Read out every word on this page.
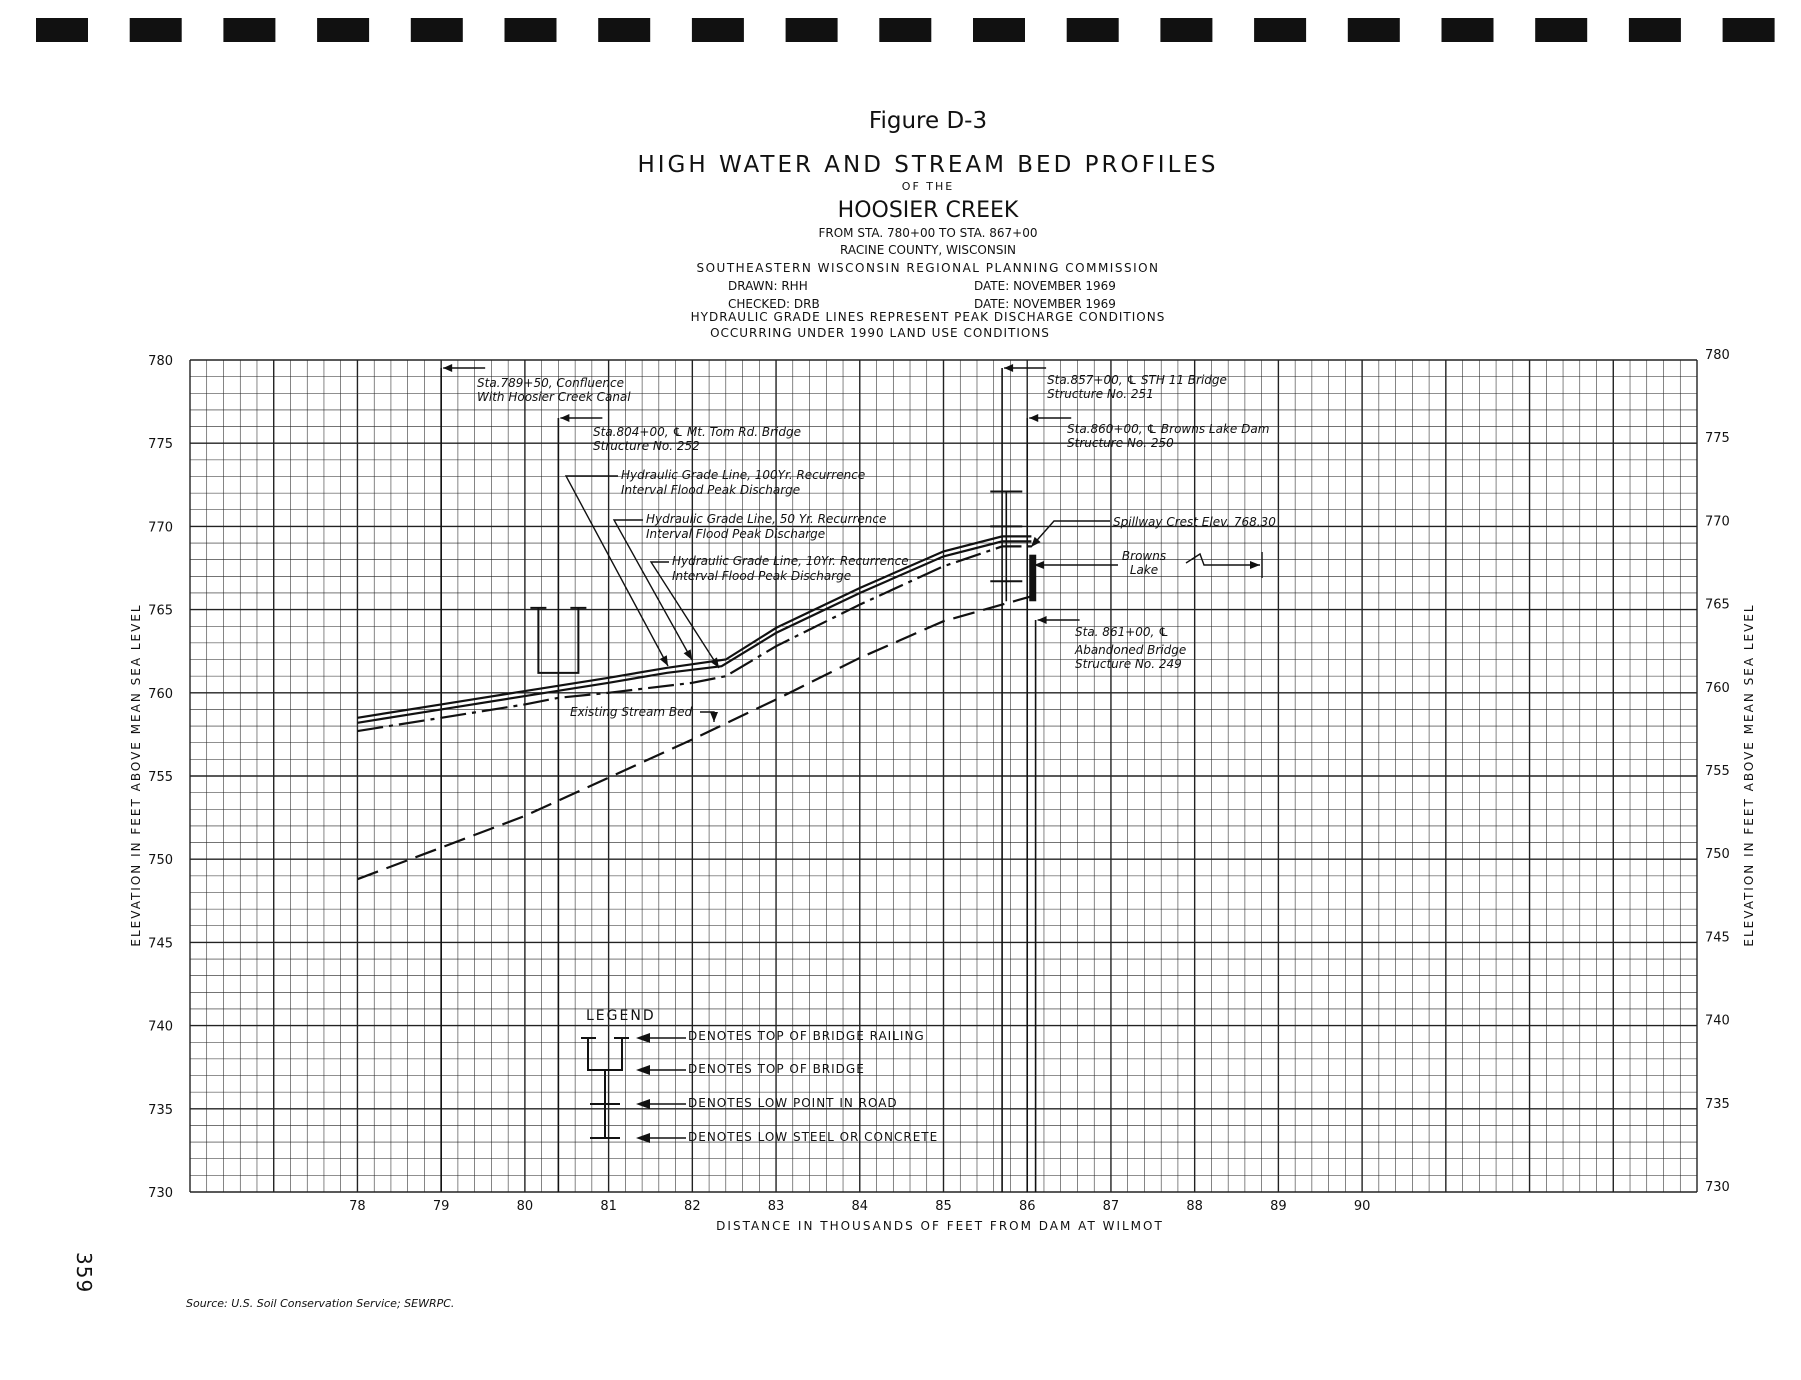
Figure D-3
HIGH WATER AND STREAM BED PROFILES
OF THE
HOOSIER CREEK
FROM STA. 780+00 TO STA. 867+00
RACINE COUNTY, WISCONSIN
SOUTHEASTERN WISCONSIN REGIONAL PLANNING COMMISSION
DRAWN: RHH	DATE: NOVEMBER 1969
CHECKED: DRB	DATE: NOVEMBER 1969
HYDRAULIC GRADE LINES REPRESENT PEAK DISCHARGE CONDITIONS
OCCURRING UNDER 1990 LAND USE CONDITIONS
78	79	80	81	82	83	84	85	86	87	88	89	90
730
735
740
745
750
755
760
765
770
775
780
730
735
740
745
750
755
760
765
770
775
780
DISTANCE IN THOUSANDS OF FEET FROM DAM AT WILMOT
ELEVATION IN FEET ABOVE MEAN SEA LEVEL	ELEVATION IN FEET ABOVE MEAN SEA LEVEL
Sta.789+50, Confluence
With Hoosier Creek Canal
Sta.804+00, ℄ Mt. Tom Rd. Bridge
Structure No. 252
Sta.857+00, ℄ STH 11 Bridge
Structure No. 251
Sta.860+00, ℄ Browns Lake Dam
Structure No. 250
Sta. 861+00, ℄
Abandoned Bridge
Structure No. 249
Hydraulic Grade Line, 100Yr. Recurrence
Interval Flood Peak Discharge
Hydraulic Grade Line, 50 Yr. Recurrence
Interval Flood Peak Discharge
Hydraulic Grade Line, 10Yr. Recurrence
Interval Flood Peak Discharge
Existing Stream Bed
Spillway Crest Elev. 768.30
Browns
Lake
LEGEND
DENOTES TOP OF BRIDGE RAILING
DENOTES TOP OF BRIDGE
DENOTES LOW POINT IN ROAD
DENOTES LOW STEEL OR CONCRETE
Source: U.S. Soil Conservation Service; SEWRPC.
359
